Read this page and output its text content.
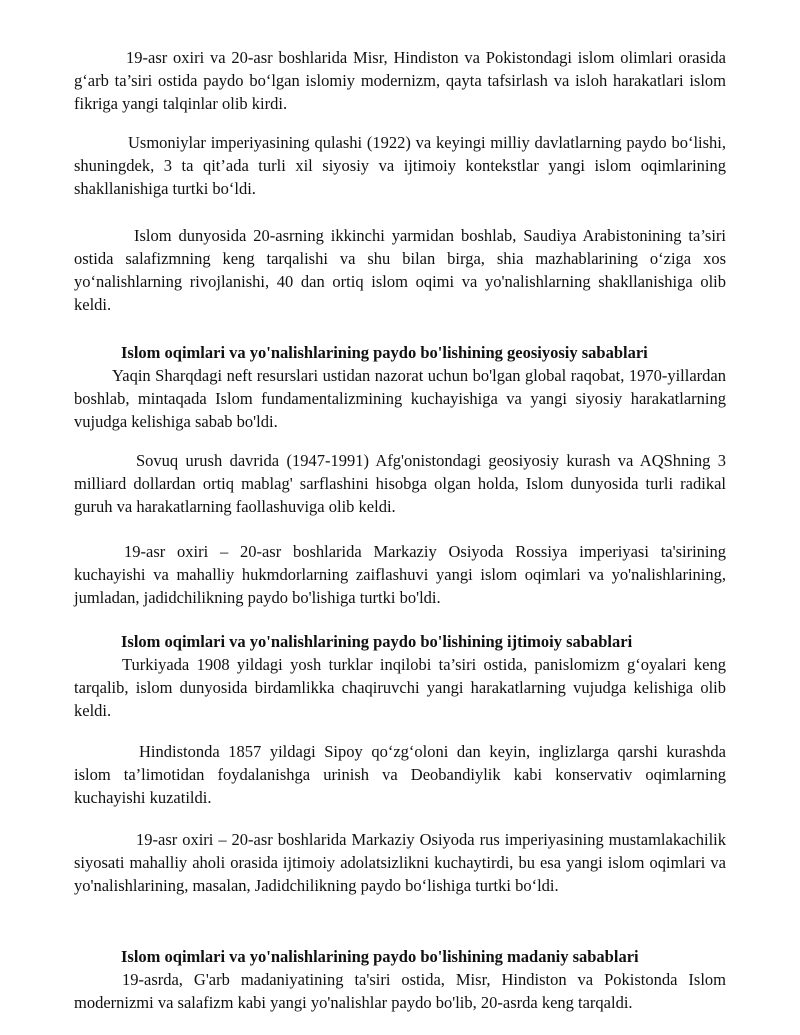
19-asr oxiri va 20-asr boshlarida Misr, Hindiston va Pokistondagi islom olimlari orasida g‘arb ta’siri ostida paydo bo‘lgan islomiy modernizm, qayta tafsirlash va isloh harakatlari islom fikriga yangi talqinlar olib kirdi.

Usmoniylar imperiyasining qulashi (1922) va keyingi milliy davlatlarning paydo bo‘lishi, shuningdek, 3 ta qit’ada turli xil siyosiy va ijtimoiy kontekstlar yangi islom oqimlarining shakllanishiga turtki bo‘ldi.

Islom dunyosida 20-asrning ikkinchi yarmidan boshlab, Saudiya Arabistonining ta’siri ostida salafizmning keng tarqalishi va shu bilan birga, shia mazhablarining o‘ziga xos yo‘nalishlarning rivojlanishi, 40 dan ortiq islom oqimi va yo'nalishlarning shakllanishiga olib keldi.

Islom oqimlari va yo'nalishlarining paydo bo'lishining geosiyosiy sabablari

Yaqin Sharqdagi neft resurslari ustidan nazorat uchun bo'lgan global raqobat, 1970-yillardan boshlab, mintaqada Islom fundamentalizmining kuchayishiga va yangi siyosiy harakatlarning vujudga kelishiga sabab bo'ldi.

Sovuq urush davrida (1947-1991) Afg'onistondagi geosiyosiy kurash va AQShning 3 milliard dollardan ortiq mablag' sarflashini hisobga olgan holda, Islom dunyosida turli radikal guruh va harakatlarning faollashuviga olib keldi.

19-asr oxiri – 20-asr boshlarida Markaziy Osiyoda Rossiya imperiyasi ta'sirining kuchayishi va mahalliy hukmdorlarning zaiflashuvi yangi islom oqimlari va yo'nalishlarining, jumladan, jadidchilikning paydo bo'lishiga turtki bo'ldi.

Islom oqimlari va yo'nalishlarining paydo bo'lishining ijtimoiy sabablari

Turkiyada 1908 yildagi yosh turklar inqilobi ta’siri ostida, panislomizm g‘oyalari keng tarqalib, islom dunyosida birdamlikka chaqiruvchi yangi harakatlarning vujudga kelishiga olib keldi.

Hindistonda 1857 yildagi Sipoy qo‘zg‘oloni dan keyin, inglizlarga qarshi kurashda islom ta’limotidan foydalanishga urinish va Deobandiylik kabi konservativ oqimlarning kuchayishi kuzatildi.

19-asr oxiri – 20-asr boshlarida Markaziy Osiyoda rus imperiyasining mustamlakachilik siyosati mahalliy aholi orasida ijtimoiy adolatsizlikni kuchaytirdi, bu esa yangi islom oqimlari va yo'nalishlarining, masalan, Jadidchilikning paydo bo‘lishiga turtki bo‘ldi.

Islom oqimlari va yo'nalishlarining paydo bo'lishining madaniy sabablari

19-asrda, G'arb madaniyatining ta'siri ostida, Misr, Hindiston va Pokistonda Islom modernizmi va salafizm kabi yangi yo'nalishlar paydo bo'lib, 20-asrda keng tarqaldi.
